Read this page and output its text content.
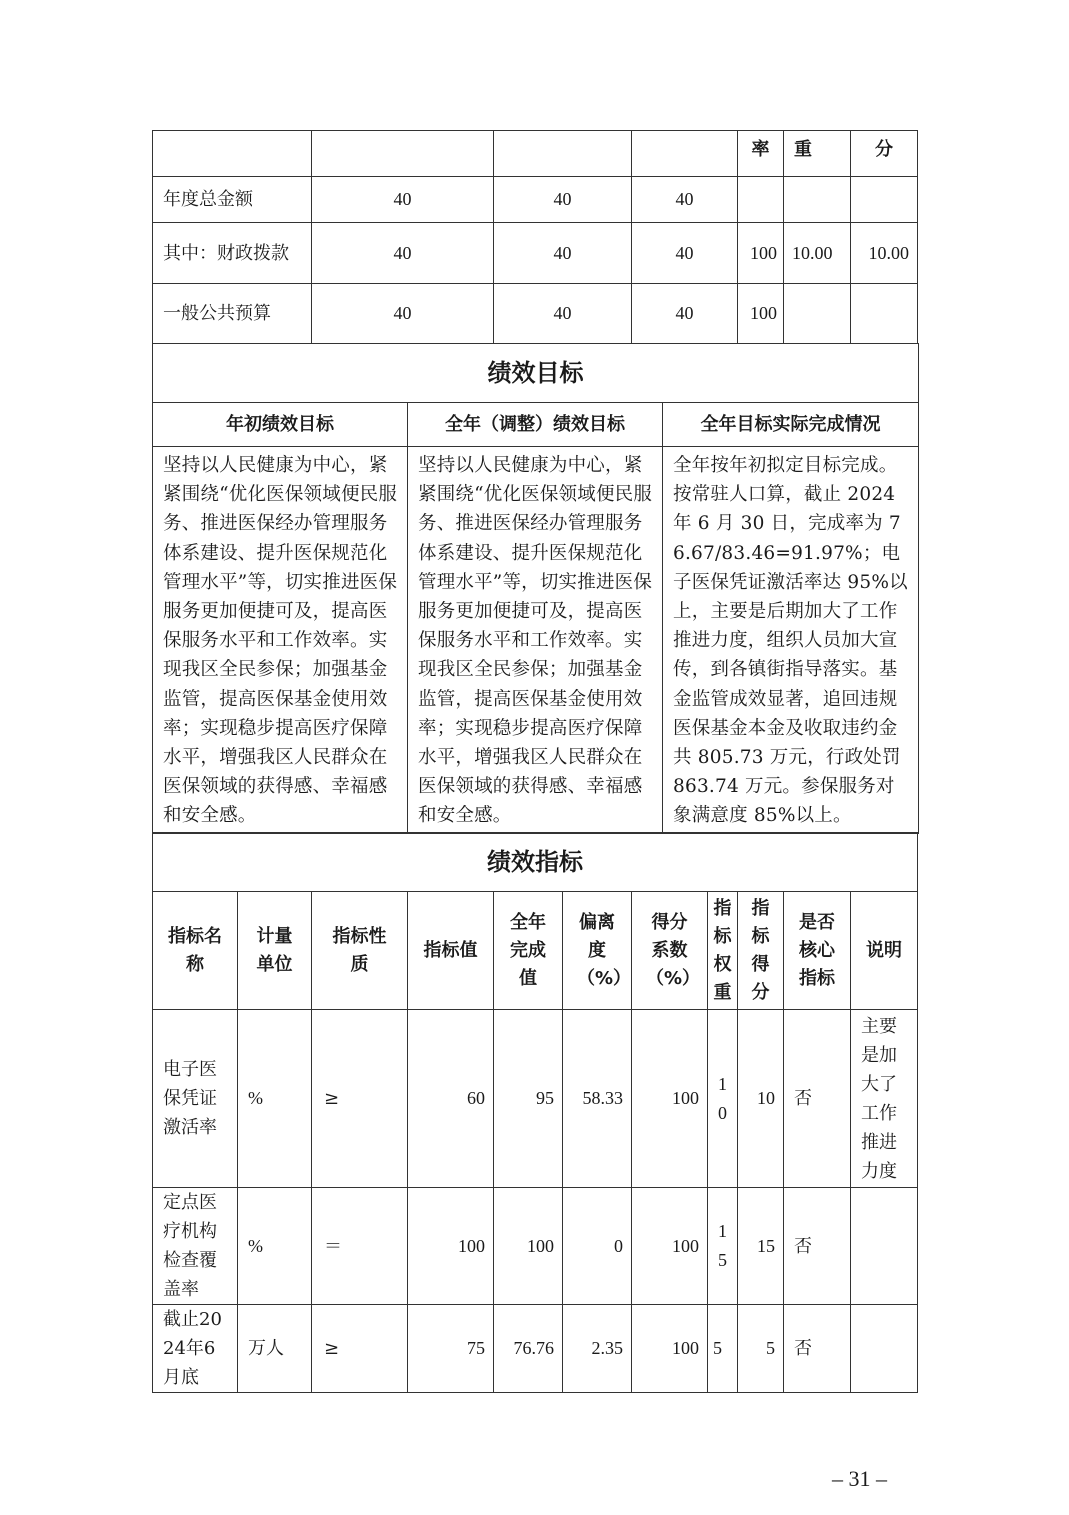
				率	重	分
年度总金额	40	40	40			
其中：财政拨款	40	40	40	100	10.00	10.00
一般公共预算	40	40	40	100		
绩效目标		
年初绩效目标	全年（调整）绩效目标	全年目标实际完成情况
坚持以人民健康为中心，紧紧围绕“优化医保领域便民服务、推进医保经办管理服务体系建设、提升医保规范化管理水平”等，切实推进医保服务更加便捷可及，提高医保服务水平和工作效率。实现我区全民参保；加强基金监管，提高医保基金使用效率；实现稳步提高医疗保障水平，增强我区人民群众在医保领域的获得感、幸福感和安全感。	坚持以人民健康为中心，紧紧围绕“优化医保领域便民服务、推进医保经办管理服务体系建设、提升医保规范化管理水平”等，切实推进医保服务更加便捷可及，提高医保服务水平和工作效率。实现我区全民参保；加强基金监管，提高医保基金使用效率；实现稳步提高医疗保障水平，增强我区人民群众在医保领域的获得感、幸福感和安全感。	全年按年初拟定目标完成。按常驻人口算，截止 2024 年 6 月 30 日，完成率为 76.67/83.46=91.97%；电子医保凭证激活率达 95%以上，主要是后期加大了工作推进力度，组织人员加大宣传，到各镇街指导落实。基金监管成效显著，追回违规医保基金本金及收取违约金共 805.73 万元，行政处罚 863.74 万元。参保服务对象满意度 85%以上。
绩效指标										
指标名称	计量单位	指标性质	指标值	全年完成值	偏离度（%）	得分系数（%）	指标权重	指标得分	是否核心指标	说明
电子医保凭证激活率	%	≥	60	95	58.33	100	10	10	否	主要是加大了工作推进力度
定点医疗机构检查覆盖率	%	＝	100	100	0	100	15	15	否	
截止2024年6月底	万人	≥	75	76.76	2.35	100	5	5	否	
– 31 –
